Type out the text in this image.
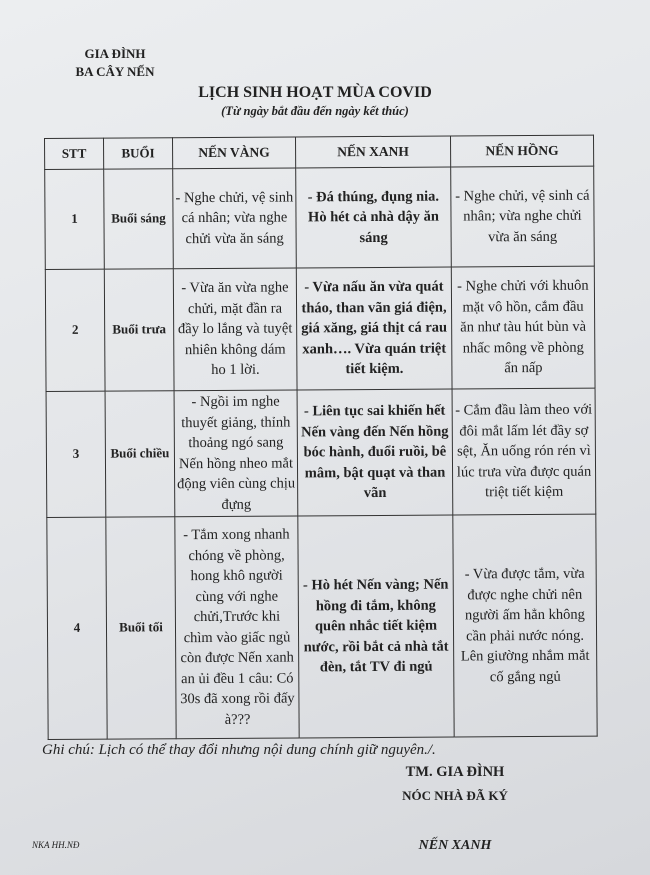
GIA ĐÌNH
BA CÂY NẾN
LỊCH SINH HOẠT MÙA COVID
(Từ ngày bắt đầu đến ngày kết thúc)
STT	BUỔI	NẾN VÀNG	NẾN XANH	NẾN HỒNG
1	Buổi sáng	- Nghe chửi, vệ sinh cá nhân; vừa nghe chửi vừa ăn sáng	- Đá thúng, đụng nia. Hò hét cả nhà dậy ăn sáng	- Nghe chửi, vệ sinh cá nhân; vừa nghe chửi vừa ăn sáng
2	Buổi trưa	- Vừa ăn vừa nghe chửi, mặt đần ra đầy lo lắng và tuyệt nhiên không dám ho 1 lời.	- Vừa nấu ăn vừa quát tháo, than vãn giá điện, giá xăng, giá thịt cá rau xanh…. Vừa quán triệt tiết kiệm.	- Nghe chửi với khuôn mặt vô hồn, cắm đầu ăn như tàu hút bùn và nhấc mông về phòng ẩn nấp
3	Buổi chiều	- Ngồi im nghe thuyết giảng, thỉnh thoảng ngó sang Nến hồng nheo mắt động viên cùng chịu đựng	- Liên tục sai khiến hết Nến vàng đến Nến hồng bóc hành, đuổi ruồi, bê mâm, bật quạt và than vãn	- Cắm đầu làm theo với đôi mắt lấm lét đầy sợ sệt, Ăn uống rón rén vì lúc trưa vừa được quán triệt tiết kiệm
4	Buổi tối	- Tắm xong nhanh chóng về phòng, hong khô người cùng với nghe chửi,Trước khi chìm vào giấc ngủ còn được Nến xanh an ủi đều 1 câu: Có 30s đã xong rồi đấy à???	- Hò hét Nến vàng; Nến hồng đi tắm, không quên nhắc tiết kiệm nước, rồi bắt cả nhà tắt đèn, tắt TV đi ngủ	- Vừa được tắm, vừa được nghe chửi nên người ấm hẳn không cần phải nước nóng. Lên giường nhắm mắt cố gắng ngủ
Ghi chú: Lịch có thể thay đổi nhưng nội dung chính giữ nguyên./.
TM. GIA ĐÌNH
NÓC NHÀ ĐÃ KÝ
NKA HH.NĐ	NẾN XANH
